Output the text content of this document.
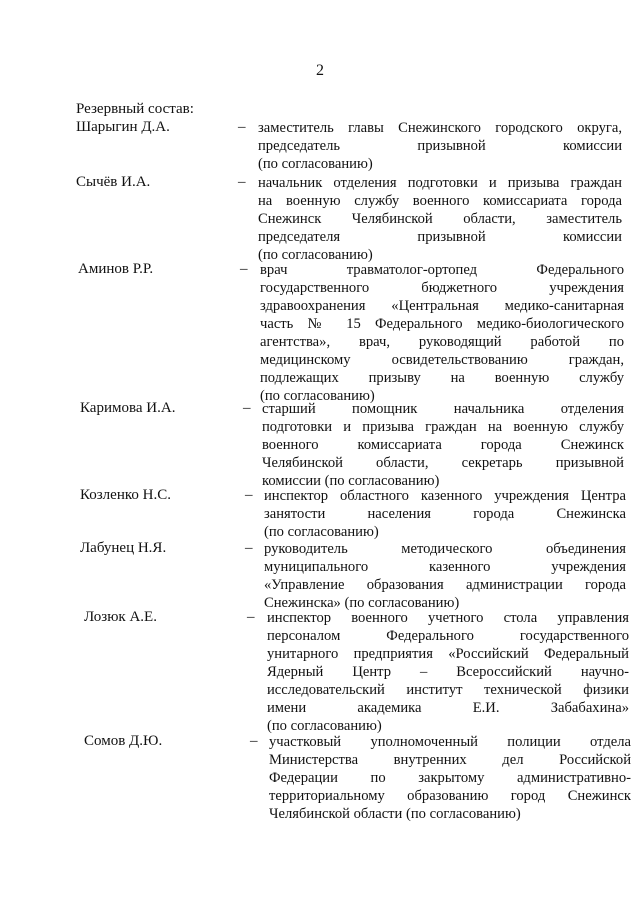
2
Резервный состав:
Шарыгин Д.А.	– заместитель главы Снежинского городского округа,
председатель призывной комиссии
(по согласованию)
Сычёв И.А.	– начальник отделения подготовки и призыва граждан
на военную службу военного комиссариата города
Снежинск Челябинской области, заместитель
председателя призывной комиссии
(по согласованию)
Аминов Р.Р.	– врач травматолог-ортопед Федерального
государственного бюджетного учреждения
здравоохранения «Центральная медико-санитарная
часть № 15 Федерального медико-биологического
агентства», врач, руководящий работой по
медицинскому освидетельствованию граждан,
подлежащих призыву на военную службу
(по согласованию)
Каримова И.А.	– старший помощник начальника отделения
подготовки и призыва граждан на военную службу
военного комиссариата города Снежинск
Челябинской области, секретарь призывной
комиссии (по согласованию)
Козленко Н.С.	– инспектор областного казенного учреждения Центра
занятости населения города Снежинска
(по согласованию)
Лабунец Н.Я.	– руководитель методического объединения
муниципального казенного учреждения
«Управление образования администрации города
Снежинска» (по согласованию)
Лозюк А.Е.	– инспектор военного учетного стола управления
персоналом Федерального государственного
унитарного предприятия «Российский Федеральный
Ядерный Центр – Всероссийский научно-
исследовательский институт технической физики
имени академика Е.И. Забабахина»
(по согласованию)
Сомов Д.Ю.	– участковый уполномоченный полиции отдела
Министерства внутренних дел Российской
Федерации по закрытому административно-
территориальному образованию город Снежинск
Челябинской области (по согласованию)
